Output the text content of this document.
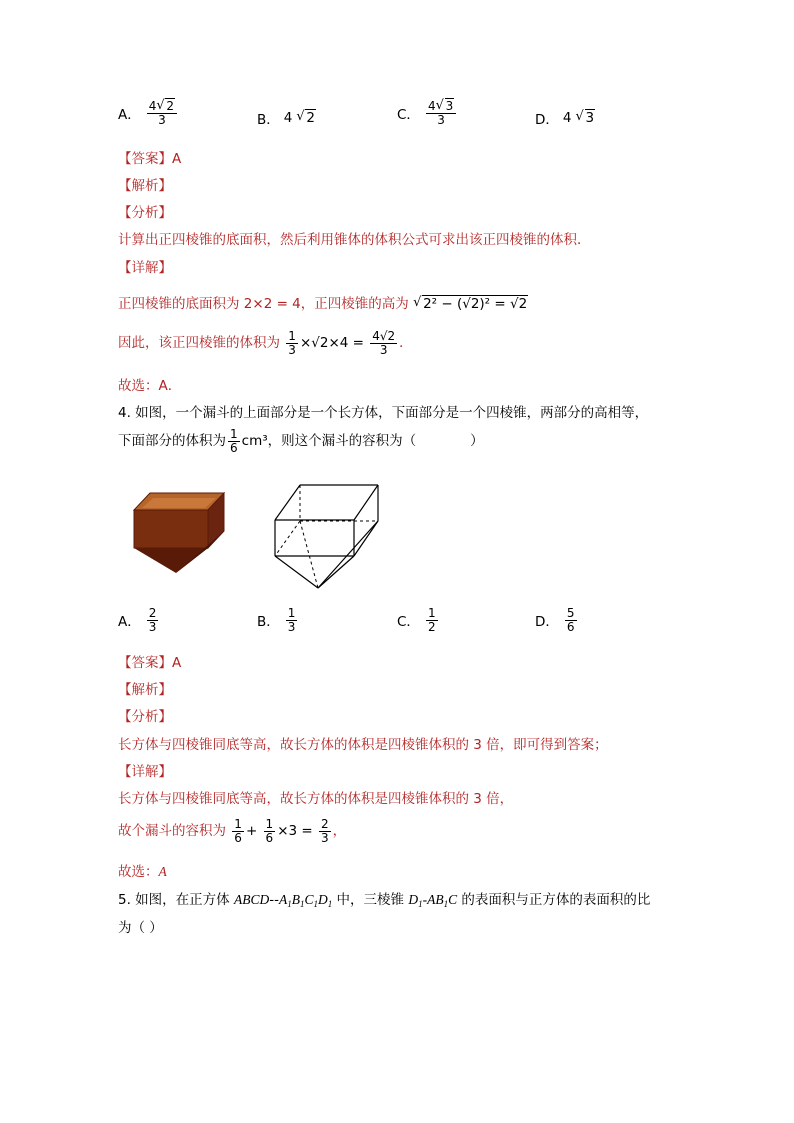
A． $\frac{4 √ 2}{3}$	B． 4	√ 2	C． $\frac{4 √ 3}{3}$	D． 4	√ 3
【答案】A
【解析】
【分析】
计算出正四棱锥的底面积，然后利用锥体的体积公式可求出该正四棱锥的体积．
【详解】
正四棱锥的底面积为 2×2 = 4，正四棱锥的高为 √ 2² − (√2)² = √2
因此，该正四棱锥的体积为 $\frac{1}{3} \times√2\times 4 = \frac{4√2}{3}$ ．
故选：A．
4. 如图，一个漏斗的上面部分是一个长方体，下面部分是一个四棱锥，两部分的高相等，
下面部分的体积为 $\frac{1}{6} cm^3$，则这个漏斗的容积为（　　　　）
A． $\frac{2}{3}$	B． $\frac{1}{3}$	C． $\frac{1}{2}$	D． $\frac{5}{6}$
【答案】A
【解析】
【分析】
长方体与四棱锥同底等高，故长方体的体积是四棱锥体积的 3 倍，即可得到答案；
【详解】
长方体与四棱锥同底等高，故长方体的体积是四棱锥体积的 3 倍，
故个漏斗的容积为 $\frac{1}{6} + \frac{1}{6} \times 3 = \frac{2}{3}$ ，
故选：A
5. 如图，在正方体 ABCD-$-A_1B_1C_1D_1$ 中，三棱锥 $D_1-AB_1C$ 的表面积与正方体的表面积的比
为（ ）
